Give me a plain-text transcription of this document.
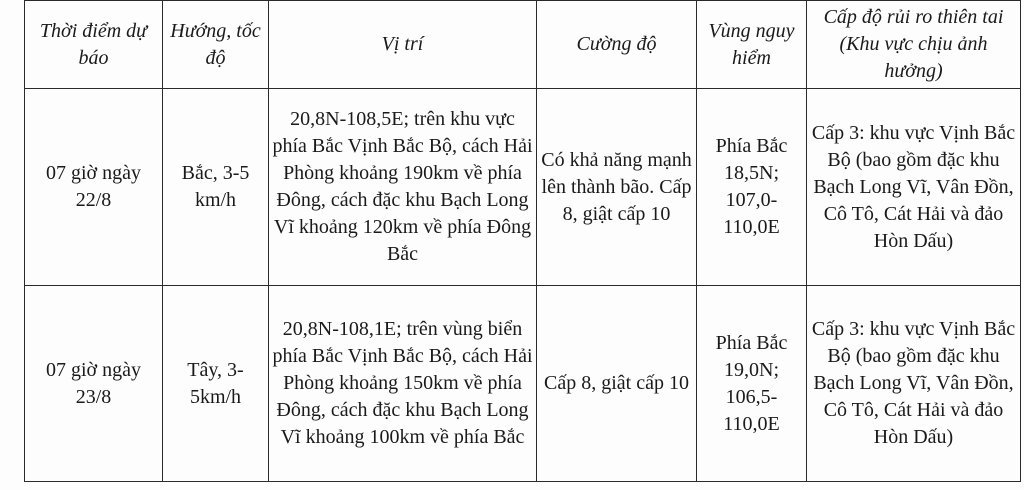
Thời điểm dự báo	Hướng, tốc độ	Vị trí	Cường độ	Vùng nguy hiểm	Cấp độ rủi ro thiên tai (Khu vực chịu ảnh hưởng)

07 giờ ngày 22/8	Bắc, 3-5 km/h	20,8N-108,5E; trên khu vực phía Bắc Vịnh Bắc Bộ, cách Hải Phòng khoảng 190km về phía Đông, cách đặc khu Bạch Long Vĩ khoảng 120km về phía Đông Bắc	Có khả năng mạnh lên thành bão. Cấp 8, giật cấp 10	Phía Bắc 18,5N; 107,0-110,0E	Cấp 3: khu vực Vịnh Bắc Bộ (bao gồm đặc khu Bạch Long Vĩ, Vân Đồn, Cô Tô, Cát Hải và đảo Hòn Dấu)

07 giờ ngày 23/8	Tây, 3-5km/h	20,8N-108,1E; trên vùng biển phía Bắc Vịnh Bắc Bộ, cách Hải Phòng khoảng 150km về phía Đông, cách đặc khu Bạch Long Vĩ khoảng 100km về phía Bắc	Cấp 8, giật cấp 10	Phía Bắc 19,0N; 106,5-110,0E	Cấp 3: khu vực Vịnh Bắc Bộ (bao gồm đặc khu Bạch Long Vĩ, Vân Đồn, Cô Tô, Cát Hải và đảo Hòn Dấu)
